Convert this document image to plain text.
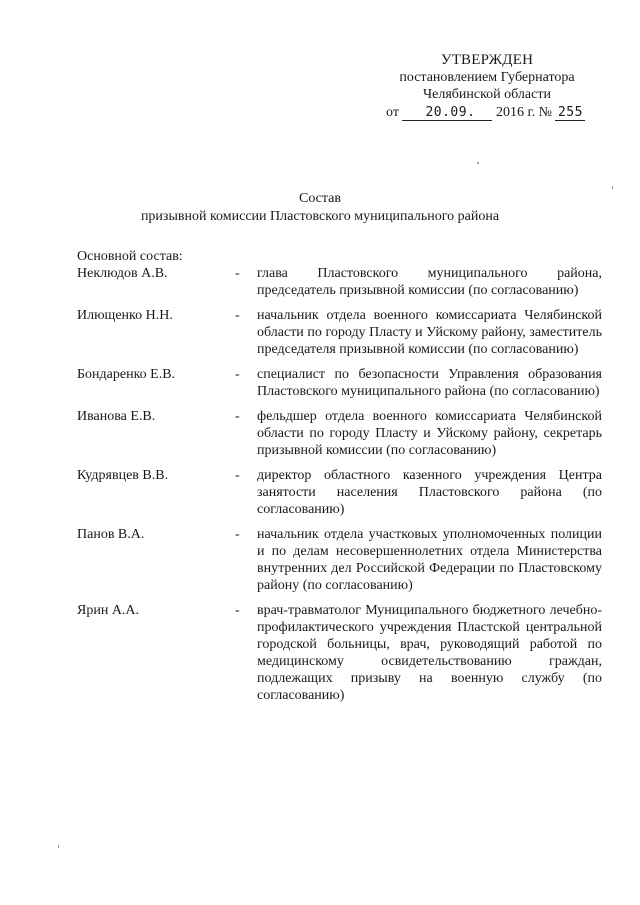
УТВЕРЖДЕН
постановлением Губернатора
Челябинской области
от 20.09. 2016 г. № 255
Состав
призывной комиссии Пластовского муниципального района
Основной состав:
Неклюдов А.В.	-	глава Пластовского муниципального района, председатель призывной комиссии (по согласованию)
Илющенко Н.Н.	-	начальник отдела военного комиссариата Челябинской области по городу Пласту и Уйскому району, заместитель председателя призывной комиссии (по согласованию)
Бондаренко Е.В.	-	специалист по безопасности Управления образования Пластовского муниципального района (по согласованию)
Иванова Е.В.	-	фельдшер отдела военного комиссариата Челябинской области по городу Пласту и Уйскому району, секретарь призывной комиссии (по согласованию)
Кудрявцев В.В.	-	директор областного казенного учреждения Центра занятости населения Пластовского района (по согласованию)
Панов В.А.	-	начальник отдела участковых уполномоченных полиции и по делам несовершеннолетних отдела Министерства внутренних дел Российской Федерации по Пластовскому району (по согласованию)
Ярин А.А.	-	врач-травматолог Муниципального бюджетного лечебно-профилактического учреждения Пластской центральной городской больницы, врач, руководящий работой по медицинскому освидетельствованию граждан, подлежащих призыву на военную службу (по согласованию)
